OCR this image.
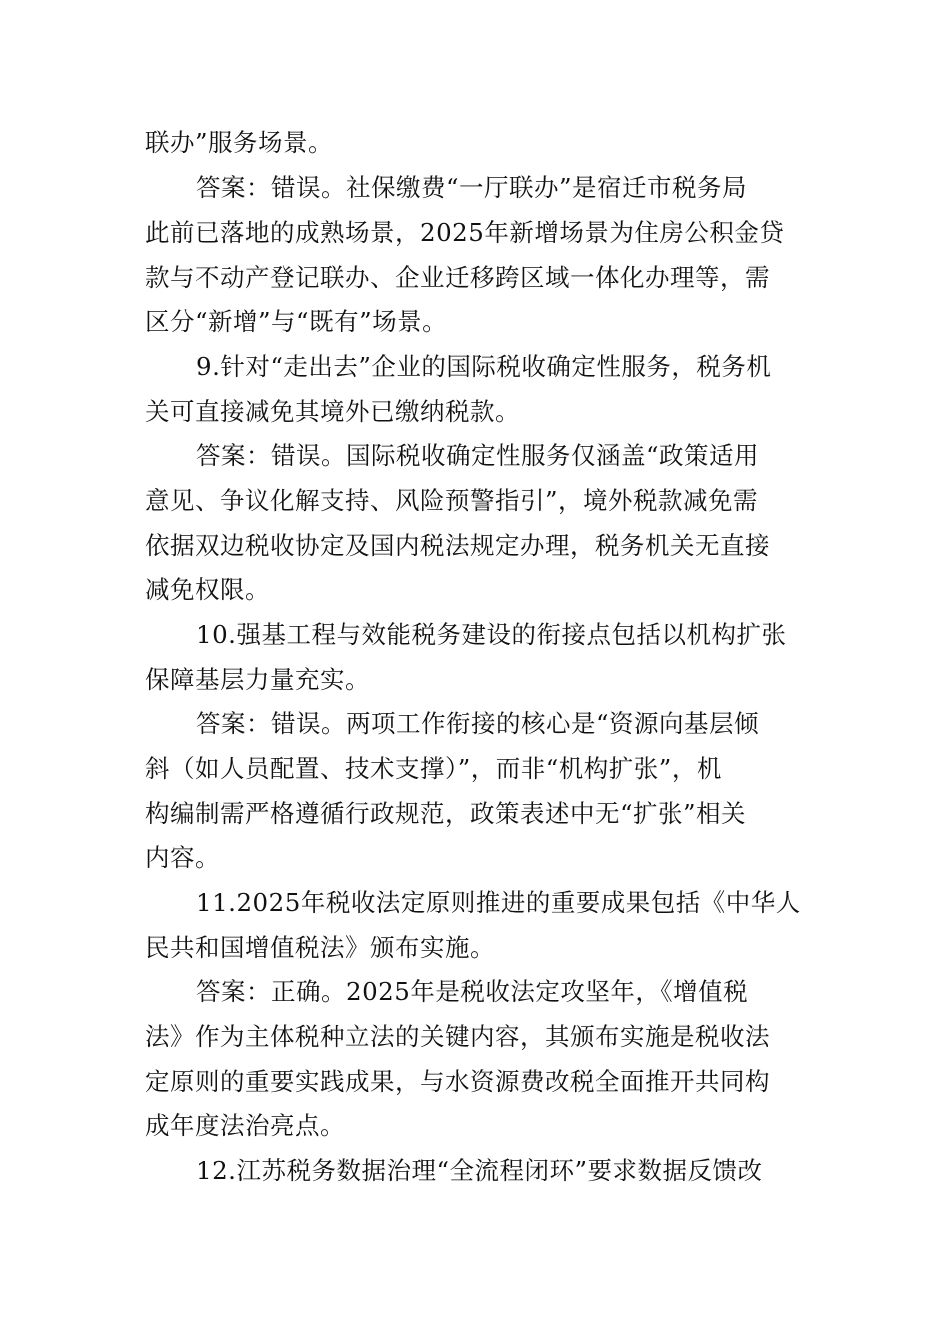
联办”服务场景。
答案：错误。社保缴费“一厅联办”是宿迁市税务局
此前已落地的成熟场景，2025年新增场景为住房公积金贷
款与不动产登记联办、企业迁移跨区域一体化办理等，需
区分“新增”与“既有”场景。
9.针对“走出去”企业的国际税收确定性服务，税务机
关可直接减免其境外已缴纳税款。
答案：错误。国际税收确定性服务仅涵盖“政策适用
意见、争议化解支持、风险预警指引”，境外税款减免需
依据双边税收协定及国内税法规定办理，税务机关无直接
减免权限。
10.强基工程与效能税务建设的衔接点包括以机构扩张
保障基层力量充实。
答案：错误。两项工作衔接的核心是“资源向基层倾
斜（如人员配置、技术支撑）”，而非“机构扩张”，机
构编制需严格遵循行政规范，政策表述中无“扩张”相关
内容。
11.2025年税收法定原则推进的重要成果包括《中华人
民共和国增值税法》颁布实施。
答案：正确。2025年是税收法定攻坚年，《增值税
法》作为主体税种立法的关键内容，其颁布实施是税收法
定原则的重要实践成果，与水资源费改税全面推开共同构
成年度法治亮点。
12.江苏税务数据治理“全流程闭环”要求数据反馈改
